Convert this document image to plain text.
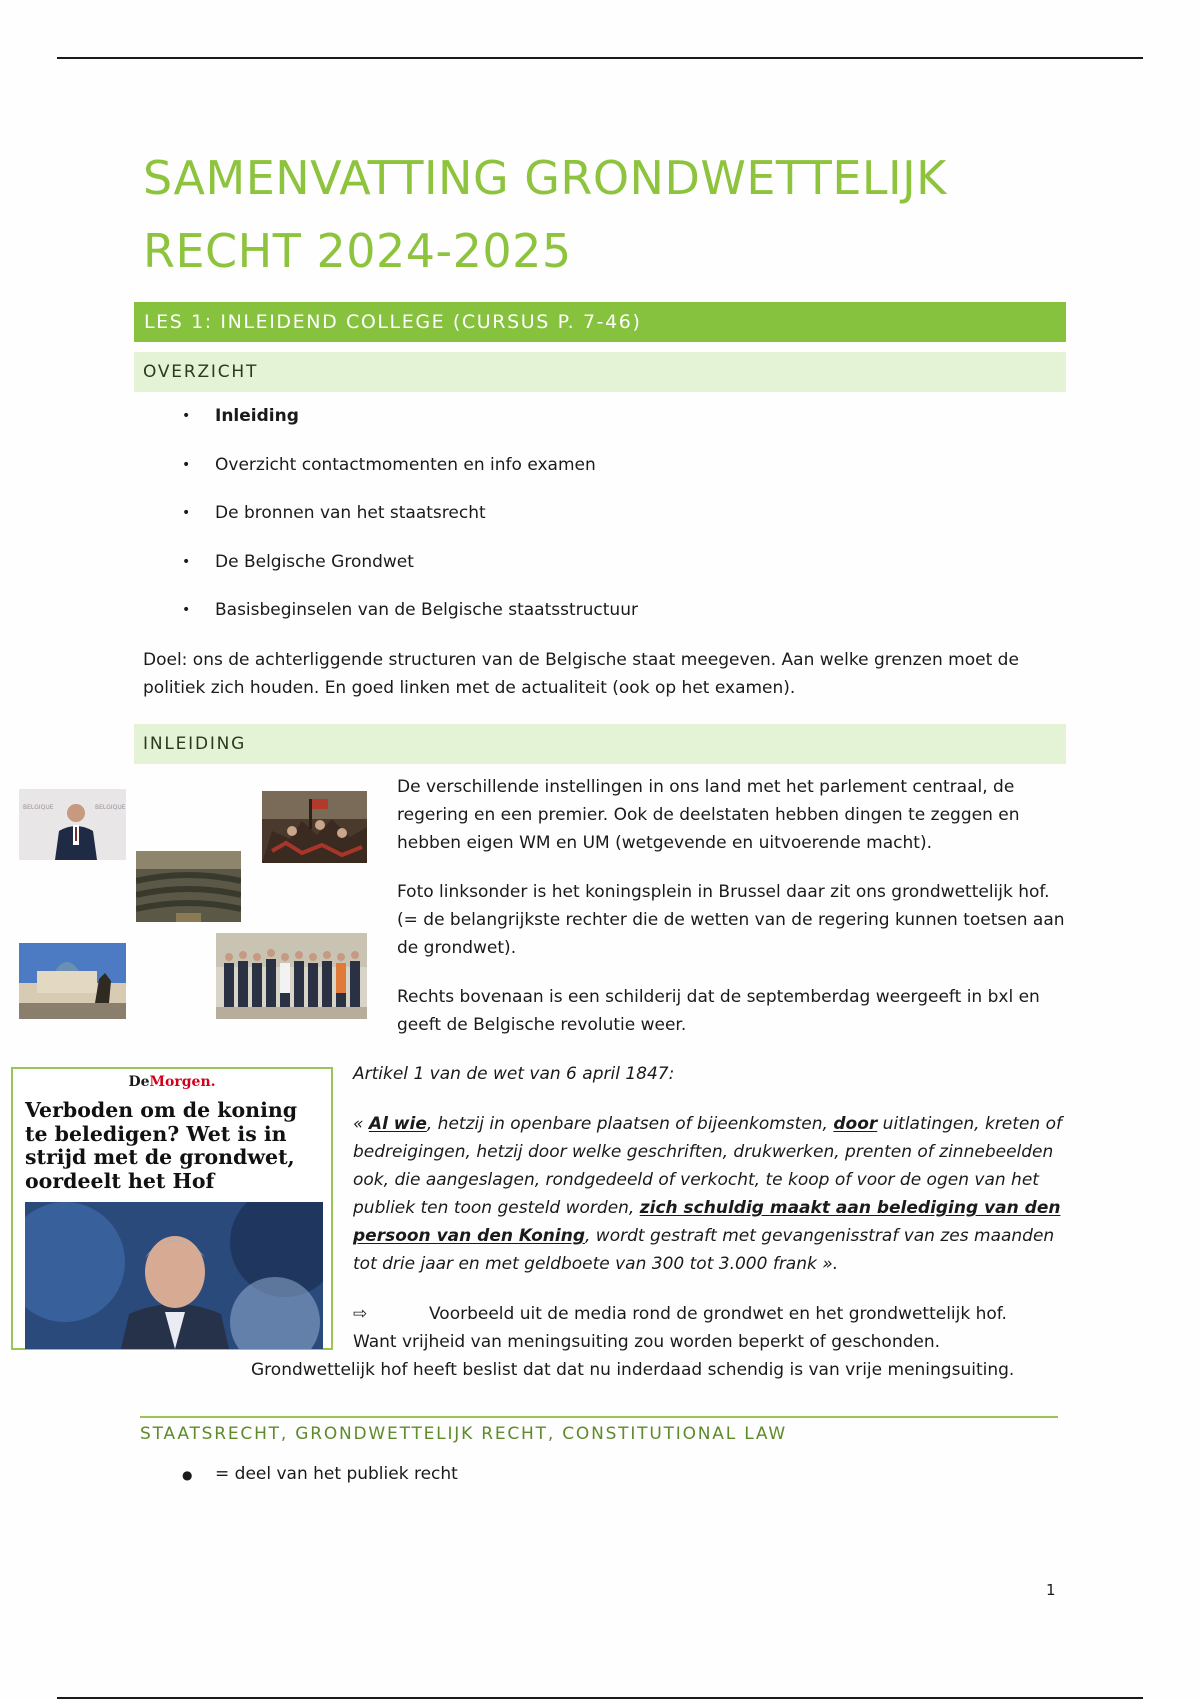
SAMENVATTING GRONDWETTELIJK
RECHT 2024-2025
LES 1: INLEIDEND COLLEGE (CURSUS P. 7-46)
OVERZICHT
• Inleiding
• Overzicht contactmomenten en info examen
• De bronnen van het staatsrecht
• De Belgische Grondwet
• Basisbeginselen van de Belgische staatsstructuur

Doel: ons de achterliggende structuren van de Belgische staat meegeven. Aan welke grenzen moet de politiek zich houden. En goed linken met de actualiteit (ook op het examen).

INLEIDING
BELGIQUE	BELGIQUE

De verschillende instellingen in ons land met het parlement centraal, de regering en een premier. Ook de deelstaten hebben dingen te zeggen en hebben eigen WM en UM (wetgevende en uitvoerende macht).

Foto linksonder is het koningsplein in Brussel daar zit ons grondwettelijk hof. (= de belangrijkste rechter die de wetten van de regering kunnen toetsen aan de grondwet).

Rechts bovenaan is een schilderij dat de septemberdag weergeeft in bxl en geeft de Belgische revolutie weer.

DeMorgen.
Verboden om de koning te beledigen? Wet is in strijd met de grondwet, oordeelt het Hof

Artikel 1 van de wet van 6 april 1847:

« Al wie, hetzij in openbare plaatsen of bijeenkomsten, door uitlatingen, kreten of bedreigingen, hetzij door welke geschriften, drukwerken, prenten of zinnebeelden ook, die aangeslagen, rondgedeeld of verkocht, te koop of voor de ogen van het publiek ten toon gesteld worden, zich schuldig maakt aan belediging van den persoon van den Koning, wordt gestraft met gevangenisstraf van zes maanden tot drie jaar en met geldboete van 300 tot 3.000 frank ».

⇨	Voorbeeld uit de media rond de grondwet en het grondwettelijk hof.
Want vrijheid van meningsuiting zou worden beperkt of geschonden.

Grondwettelijk hof heeft beslist dat dat nu inderdaad schendig is van vrije meningsuiting.

STAATSRECHT, GRONDWETTELIJK RECHT, CONSTITUTIONAL LAW
● = deel van het publiek recht
1
